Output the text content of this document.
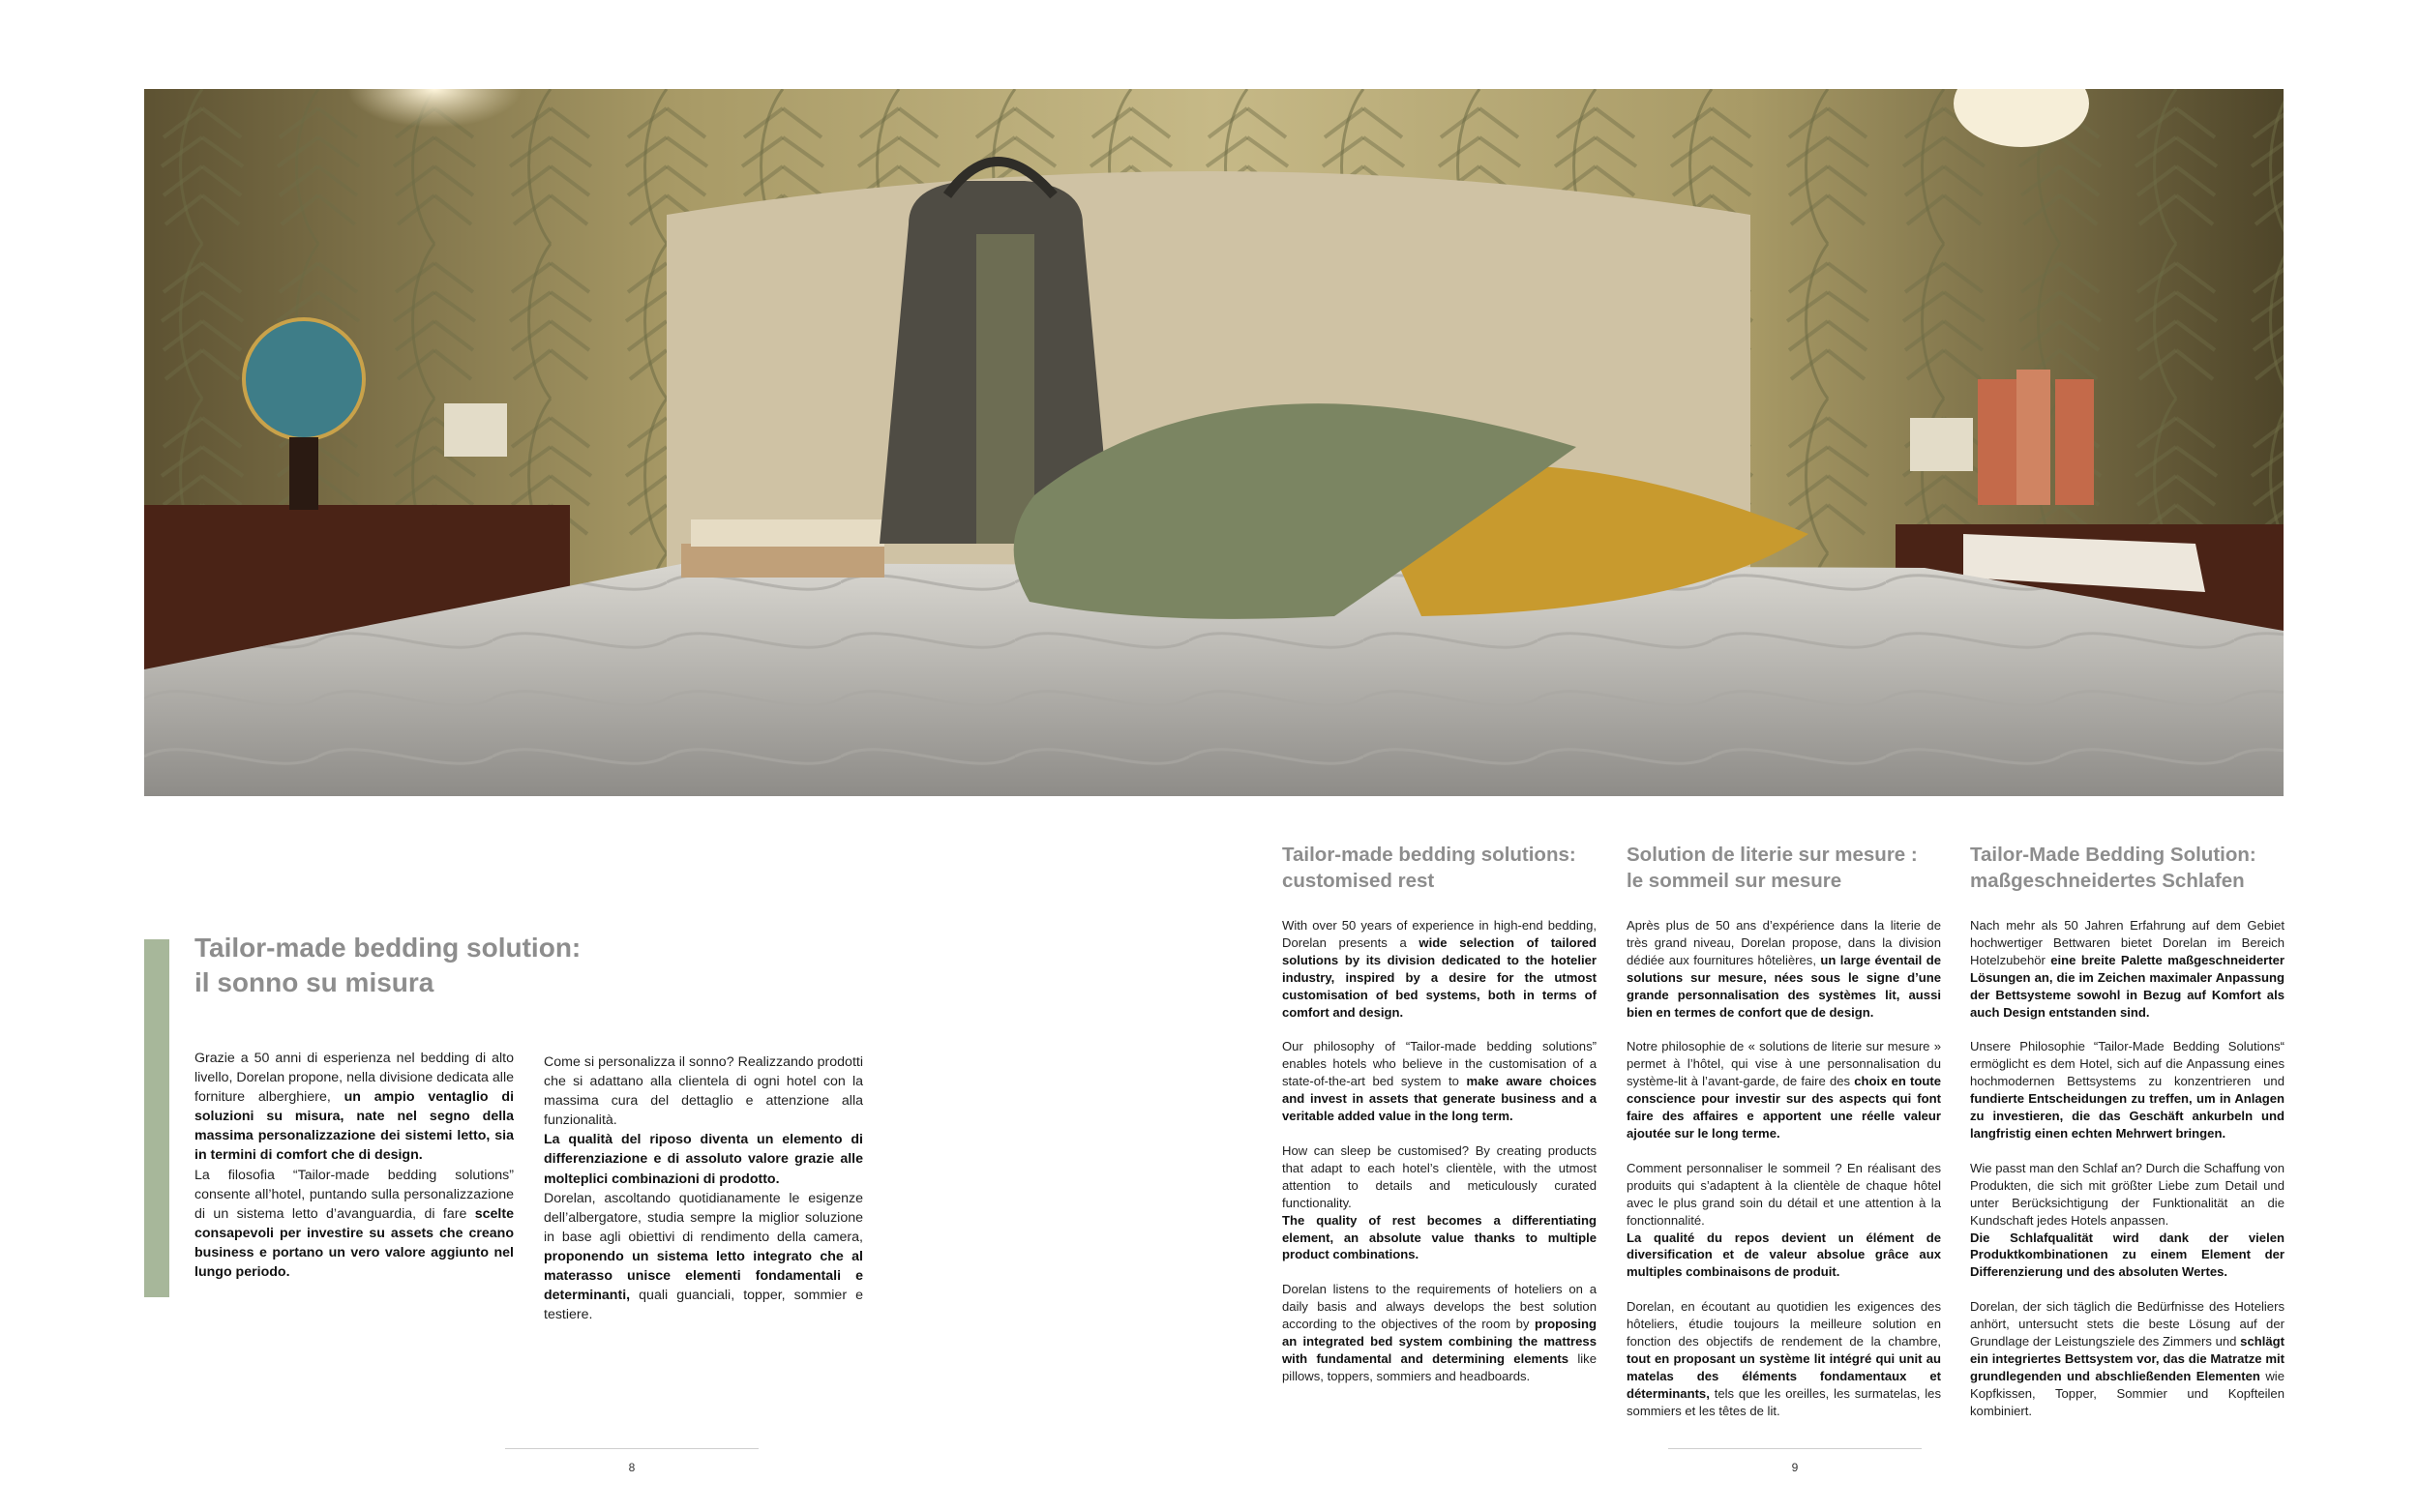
Tailor-made bedding solution:
il sonno su misura

Grazie a 50 anni di esperienza nel bedding di alto livello, Dorelan propone, nella divisione dedicata alle forniture alberghiere, un ampio ventaglio di soluzioni su misura, nate nel segno della massima personalizzazione dei sistemi letto, sia in termini di comfort che di design.

La filosofia “Tailor-made bedding solutions” consente all’hotel, puntando sulla personalizzazione di un sistema letto d’avanguardia, di fare scelte consapevoli per investire su assets che creano business e portano un vero valore aggiunto nel lungo periodo.

Come si personalizza il sonno? Realizzando prodotti che si adattano alla clientela di ogni hotel con la massima cura del dettaglio e attenzione alla funzionalità.

La qualità del riposo diventa un elemento di differenziazione e di assoluto valore grazie alle molteplici combinazioni di prodotto.

Dorelan, ascoltando quotidianamente le esigenze dell’albergatore, studia sempre la miglior soluzione in base agli obiettivi di rendimento della camera, proponendo un sistema letto integrato che al materasso unisce elementi fondamentali e determinanti, quali guanciali, topper, sommier e testiere.

Tailor-made bedding solutions:
customised rest

With over 50 years of experience in high-end bedding, Dorelan presents a wide selection of tailored solutions by its division dedicated to the hotelier industry, inspired by a desire for the utmost customisation of bed systems, both in terms of comfort and design.

Our philosophy of “Tailor-made bedding solutions” enables hotels who believe in the customisation of a state-of-the-art bed system to make aware choices and invest in assets that generate business and a veritable added value in the long term.

How can sleep be customised? By creating products that adapt to each hotel’s clientèle, with the utmost attention to details and meticulously curated functionality.
The quality of rest becomes a differentiating element, an absolute value thanks to multiple product combinations.

Dorelan listens to the requirements of hoteliers on a daily basis and always develops the best solution according to the objectives of the room by proposing an integrated bed system combining the mattress with fundamental and determining elements like pillows, toppers, sommiers and headboards.

Solution de literie sur mesure :
le sommeil sur mesure

Après plus de 50 ans d’expérience dans la literie de très grand niveau, Dorelan propose, dans la division dédiée aux fournitures hôtelières, un large éventail de solutions sur mesure, nées sous le signe d’une grande personnalisation des systèmes lit, aussi bien en termes de confort que de design.

Notre philosophie de « solutions de literie sur mesure » permet à l’hôtel, qui vise à une personnalisation du système-lit à l’avant-garde, de faire des choix en toute conscience pour investir sur des aspects qui font faire des affaires e apportent une réelle valeur ajoutée sur le long terme.

Comment personnaliser le sommeil ? En réalisant des produits qui s’adaptent à la clientèle de chaque hôtel avec le plus grand soin du détail et une attention à la fonctionnalité.
La qualité du repos devient un élément de diversification et de valeur absolue grâce aux multiples combinaisons de produit.

Dorelan, en écoutant au quotidien les exigences des hôteliers, étudie toujours la meilleure solution en fonction des objectifs de rendement de la chambre, tout en proposant un système lit intégré qui unit au matelas des éléments fondamentaux et déterminants, tels que les oreilles, les surmatelas, les sommiers et les têtes de lit.

Tailor-Made Bedding Solution:
maßgeschneidertes Schlafen

Nach mehr als 50 Jahren Erfahrung auf dem Gebiet hochwertiger Bettwaren bietet Dorelan im Bereich Hotelzubehör eine breite Palette maßgeschneiderter Lösungen an, die im Zeichen maximaler Anpassung der Bettsysteme sowohl in Bezug auf Komfort als auch Design entstanden sind.

Unsere Philosophie “Tailor-Made Bedding Solutions“ ermöglicht es dem Hotel, sich auf die Anpassung eines hochmodernen Bettsystems zu konzentrieren und fundierte Entscheidungen zu treffen, um in Anlagen zu investieren, die das Geschäft ankurbeln und langfristig einen echten Mehrwert bringen.

Wie passt man den Schlaf an? Durch die Schaffung von Produkten, die sich mit größter Liebe zum Detail und unter Berücksichtigung der Funktionalität an die Kundschaft jedes Hotels anpassen.
Die Schlafqualität wird dank der vielen Produktkombinationen zu einem Element der Differenzierung und des absoluten Wertes.

Dorelan, der sich täglich die Bedürfnisse des Hoteliers anhört, untersucht stets die beste Lösung auf der Grundlage der Leistungsziele des Zimmers und schlägt ein integriertes Bettsystem vor, das die Matratze mit grundlegenden und abschließenden Elementen wie Kopfkissen, Topper, Sommier und Kopfteilen kombiniert.

8	9
